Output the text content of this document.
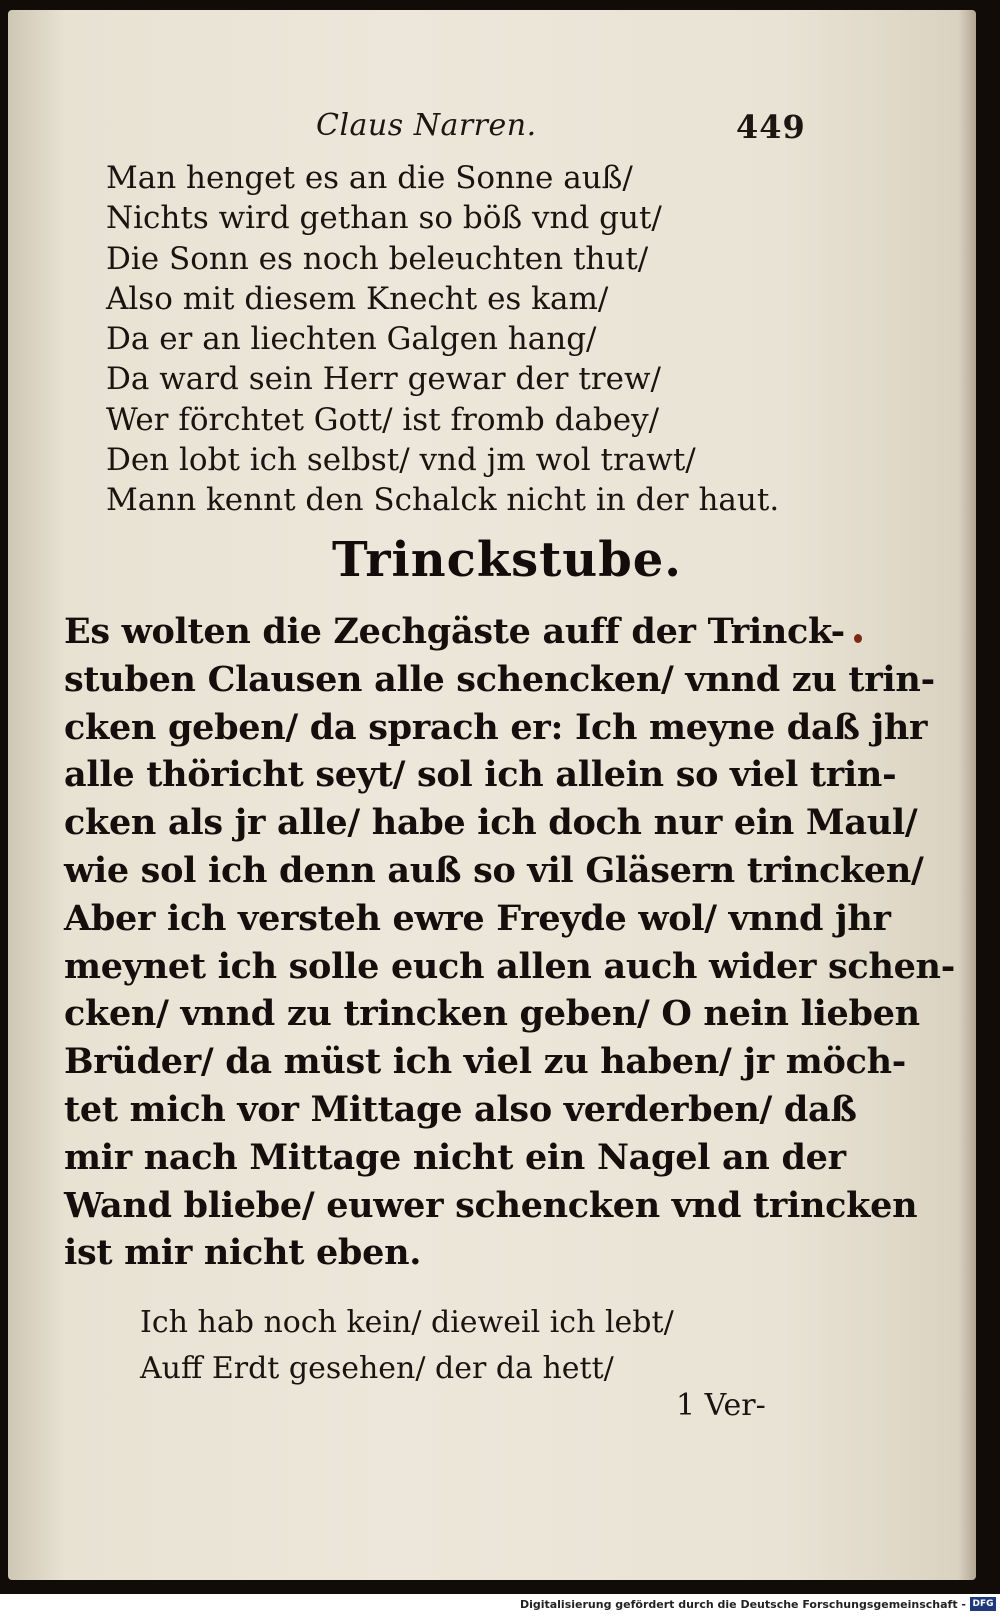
Claus Narren.	449
Man henget es an die Sonne auß/
Nichts wird gethan so böß vnd gut/
Die Sonn es noch beleuchten thut/
Also mit diesem Knecht es kam/
Da er an liechten Galgen hang/
Da ward sein Herr gewar der trew/
Wer förchtet Gott/ ist fromb dabey/
Den lobt ich selbst/ vnd jm wol trawt/
Mann kennt den Schalck nicht in der haut.
Trinckstube.
Es wolten die Zechgäste auff der Trinck-
stuben Clausen alle schencken/ vnnd zu trin-
cken geben/ da sprach er: Ich meyne daß jhr
alle thöricht seyt/ sol ich allein so viel trin-
cken als jr alle/ habe ich doch nur ein Maul/
wie sol ich denn auß so vil Gläsern trincken/
Aber ich versteh ewre Freyde wol/ vnnd jhr
meynet ich solle euch allen auch wider schen-
cken/ vnnd zu trincken geben/ O nein lieben
Brüder/ da müst ich viel zu haben/ jr möch-
tet mich vor Mittage also verderben/ daß
mir nach Mittage nicht ein Nagel an der
Wand bliebe/ euwer schencken vnd trincken
ist mir nicht eben.
Ich hab noch kein/ dieweil ich lebt/
Auff Erdt gesehen/ der da hett/
1 Ver-
Digitalisierung gefördert durch die Deutsche Forschungsgemeinschaft - DFG
